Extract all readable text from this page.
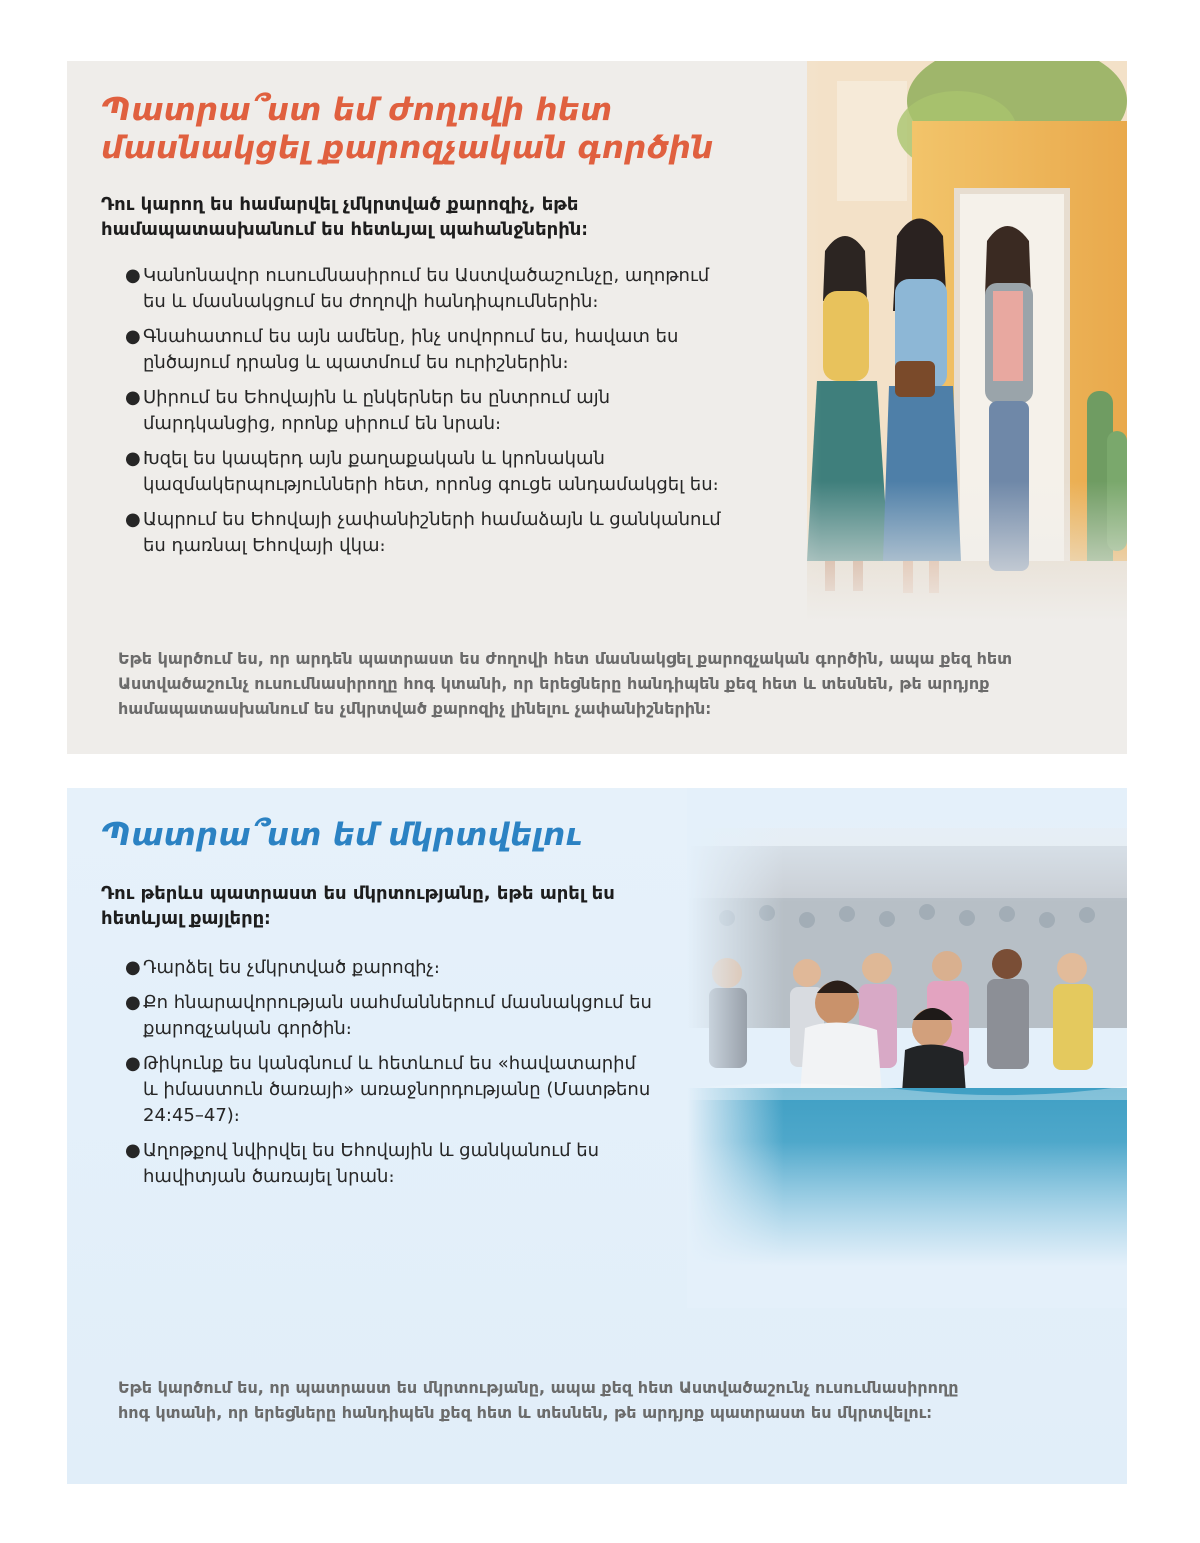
Պատրա՞ստ եմ ժողովի հետ մասնակցել քարոզչական գործին

Դու կարող ես համարվել չմկրտված քարոզիչ, եթե համապատասխանում ես հետևյալ պահանջներին։

● Կանոնավոր ուսումնասիրում ես Աստվածաշունչը, աղոթում ես և մասնակցում ես ժողովի հանդիպումներին։
● Գնահատում ես այն ամենը, ինչ սովորում ես, հավատ ես ընծայում դրանց և պատմում ես ուրիշներին։
● Սիրում ես Եհովային և ընկերներ ես ընտրում այն մարդկանցից, որոնք սիրում են նրան։
● Խզել ես կապերդ այն քաղաքական և կրոնական կազմակերպությունների հետ, որոնց գուցե անդամակցել ես։
● Ապրում ես Եհովայի չափանիշների համաձայն և ցանկանում ես դառնալ Եհովայի վկա։

Եթե կարծում ես, որ արդեն պատրաստ ես ժողովի հետ մասնակցել քարոզչական գործին, ապա քեզ հետ Աստվածաշունչ ուսումնասիրողը հոգ կտանի, որ երեցները հանդիպեն քեզ հետ և տեսնեն, թե արդյոք համապատասխանում ես չմկրտված քարոզիչ լինելու չափանիշներին։

Պատրա՞ստ եմ մկրտվելու

Դու թերևս պատրաստ ես մկրտությանը, եթե արել ես հետևյալ քայլերը։

● Դարձել ես չմկրտված քարոզիչ։
● Քո հնարավորության սահմաններում մասնակցում ես քարոզչական գործին։
● Թիկունք ես կանգնում և հետևում ես «հավատարիմ և իմաստուն ծառայի» առաջնորդությանը (Մատթեոս 24:45–47)։
● Աղոթքով նվիրվել ես Եհովային և ցանկանում ես հավիտյան ծառայել նրան։

Եթե կարծում ես, որ պատրաստ ես մկրտությանը, ապա քեզ հետ Աստվածաշունչ ուսումնասիրողը հոգ կտանի, որ երեցները հանդիպեն քեզ հետ և տեսնեն, թե արդյոք պատրաստ ես մկրտվելու։
